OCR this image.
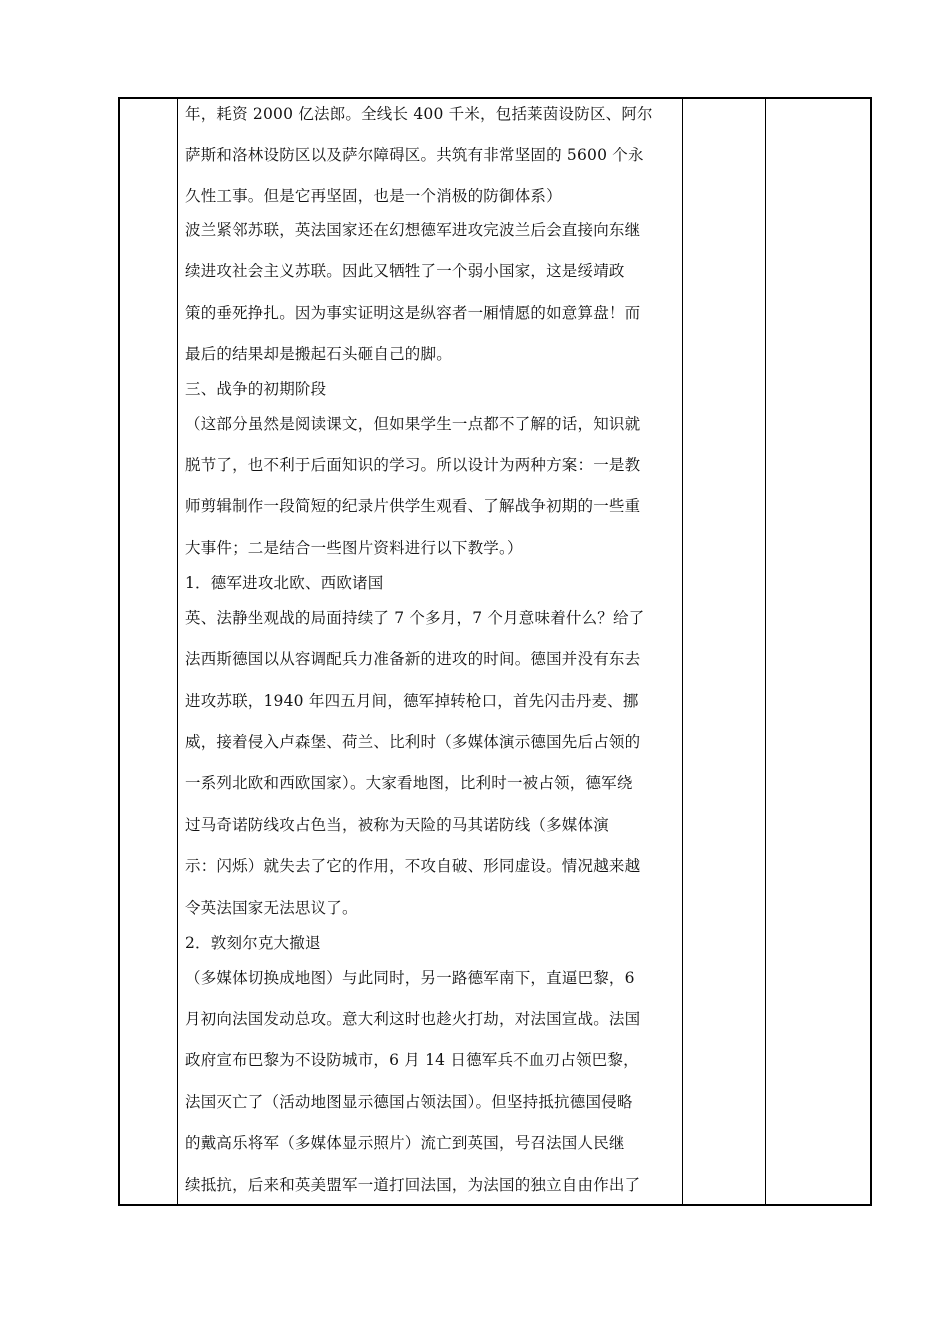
年，耗资 2000 亿法郎。全线长 400 千米，包括莱茵设防区、阿尔
萨斯和洛林设防区以及萨尔障碍区。共筑有非常坚固的 5600 个永
久性工事。但是它再坚固，也是一个消极的防御体系）
波兰紧邻苏联，英法国家还在幻想德军进攻完波兰后会直接向东继
续进攻社会主义苏联。因此又牺牲了一个弱小国家，这是绥靖政
策的垂死挣扎。因为事实证明这是纵容者一厢情愿的如意算盘！而
最后的结果却是搬起石头砸自己的脚。
三、战争的初期阶段
（这部分虽然是阅读课文，但如果学生一点都不了解的话，知识就
脱节了，也不利于后面知识的学习。所以设计为两种方案：一是教
师剪辑制作一段简短的纪录片供学生观看、了解战争初期的一些重
大事件；二是结合一些图片资料进行以下教学。）
1．德军进攻北欧、西欧诸国
英、法静坐观战的局面持续了 7 个多月，7 个月意味着什么？给了
法西斯德国以从容调配兵力准备新的进攻的时间。德国并没有东去
进攻苏联，1940 年四五月间，德军掉转枪口，首先闪击丹麦、挪
威，接着侵入卢森堡、荷兰、比利时（多媒体演示德国先后占领的
一系列北欧和西欧国家）。大家看地图，比利时一被占领，德军绕
过马奇诺防线攻占色当，被称为天险的马其诺防线（多媒体演
示：闪烁）就失去了它的作用，不攻自破、形同虚设。情况越来越
令英法国家无法思议了。
2．敦刻尔克大撤退
（多媒体切换成地图）与此同时，另一路德军南下，直逼巴黎，6
月初向法国发动总攻。意大利这时也趁火打劫，对法国宣战。法国
政府宣布巴黎为不设防城市，6 月 14 日德军兵不血刃占领巴黎，
法国灭亡了（活动地图显示德国占领法国）。但坚持抵抗德国侵略
的戴高乐将军（多媒体显示照片）流亡到英国，号召法国人民继
续抵抗，后来和英美盟军一道打回法国，为法国的独立自由作出了
